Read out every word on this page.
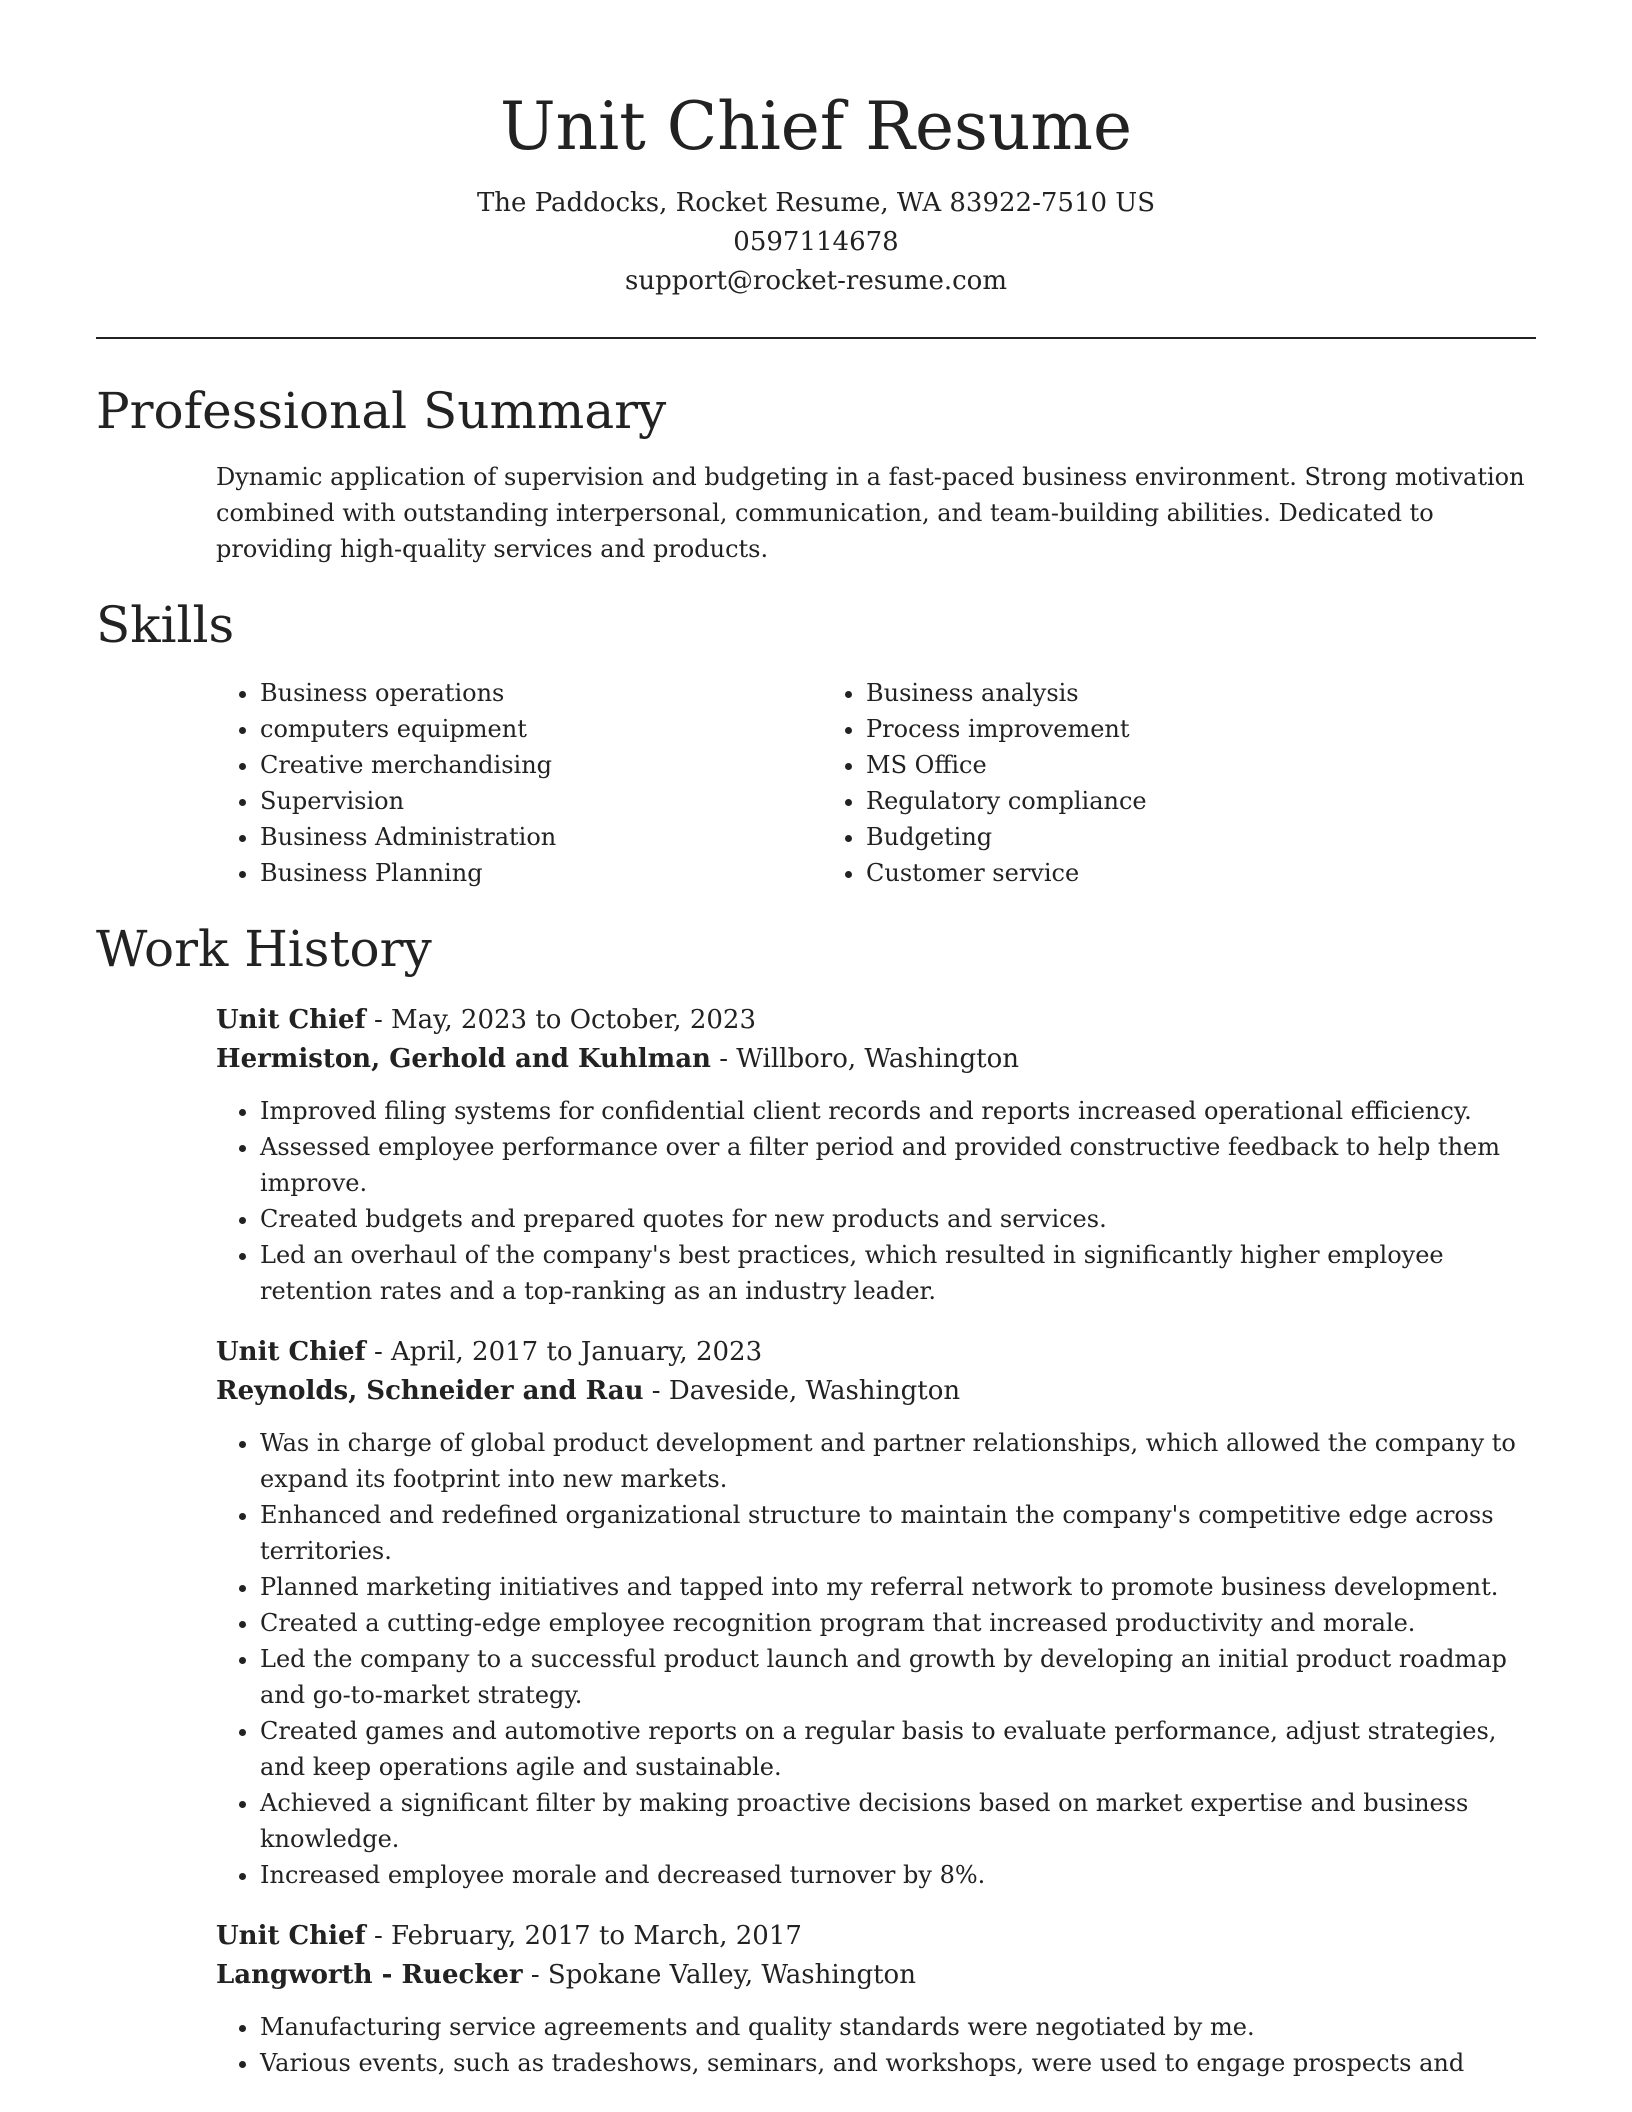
Unit Chief Resume
The Paddocks, Rocket Resume, WA 83922-7510 US
0597114678
support@rocket-resume.com
Professional Summary

Dynamic application of supervision and budgeting in a fast-paced business environment. Strong motivation combined with outstanding interpersonal, communication, and team-building abilities. Dedicated to providing high-quality services and products.

Skills
• Business operations
• computers equipment
• Creative merchandising
• Supervision
• Business Administration
• Business Planning
• Business analysis
• Process improvement
• MS Office
• Regulatory compliance
• Budgeting
• Customer service
Work History
Unit Chief - May, 2023 to October, 2023
Hermiston, Gerhold and Kuhlman - Willboro, Washington
• Improved filing systems for confidential client records and reports increased operational efficiency.
• Assessed employee performance over a filter period and provided constructive feedback to help them improve.
• Created budgets and prepared quotes for new products and services.
• Led an overhaul of the company's best practices, which resulted in significantly higher employee retention rates and a top-ranking as an industry leader.
Unit Chief - April, 2017 to January, 2023
Reynolds, Schneider and Rau - Daveside, Washington
• Was in charge of global product development and partner relationships, which allowed the company to expand its footprint into new markets.
• Enhanced and redefined organizational structure to maintain the company's competitive edge across territories.
• Planned marketing initiatives and tapped into my referral network to promote business development.
• Created a cutting-edge employee recognition program that increased productivity and morale.
• Led the company to a successful product launch and growth by developing an initial product roadmap and go-to-market strategy.
• Created games and automotive reports on a regular basis to evaluate performance, adjust strategies, and keep operations agile and sustainable.
• Achieved a significant filter by making proactive decisions based on market expertise and business knowledge.
• Increased employee morale and decreased turnover by 8%.
Unit Chief - February, 2017 to March, 2017
Langworth - Ruecker - Spokane Valley, Washington
• Manufacturing service agreements and quality standards were negotiated by me.
• Various events, such as tradeshows, seminars, and workshops, were used to engage prospects and
